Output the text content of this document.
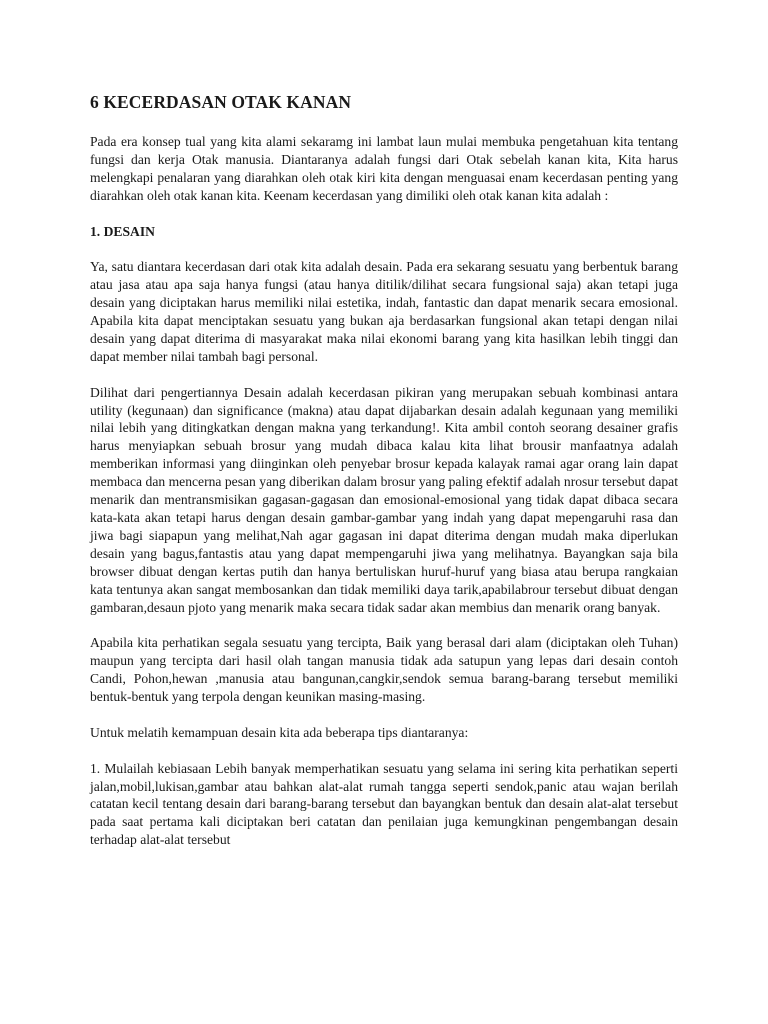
6 KECERDASAN OTAK KANAN

Pada era konsep tual yang kita alami sekaramg ini lambat laun mulai membuka pengetahuan kita tentang fungsi dan kerja Otak manusia. Diantaranya adalah fungsi dari Otak sebelah kanan kita, Kita harus melengkapi penalaran yang diarahkan oleh otak kiri kita dengan menguasai enam kecerdasan penting yang diarahkan oleh otak kanan kita. Keenam kecerdasan yang dimiliki oleh otak kanan kita adalah :

1. DESAIN

Ya, satu diantara kecerdasan dari otak kita adalah desain. Pada era sekarang sesuatu yang berbentuk barang atau jasa atau apa saja hanya fungsi (atau hanya ditilik/dilihat secara fungsional saja) akan tetapi juga desain yang diciptakan harus memiliki nilai estetika, indah, fantastic dan dapat menarik secara emosional. Apabila kita dapat menciptakan sesuatu yang bukan aja berdasarkan fungsional akan tetapi dengan nilai desain yang dapat diterima di masyarakat maka nilai ekonomi barang yang kita hasilkan lebih tinggi dan dapat member nilai tambah bagi personal.

Dilihat dari pengertiannya Desain adalah kecerdasan pikiran yang merupakan sebuah kombinasi antara utility (kegunaan) dan significance (makna) atau dapat dijabarkan desain adalah kegunaan yang memiliki nilai lebih yang ditingkatkan dengan makna yang terkandung!. Kita ambil contoh seorang desainer grafis harus menyiapkan sebuah brosur yang mudah dibaca kalau kita lihat brousir manfaatnya adalah memberikan informasi yang diinginkan oleh penyebar brosur kepada kalayak ramai agar orang lain dapat membaca dan mencerna pesan yang diberikan dalam brosur yang paling efektif adalah nrosur tersebut dapat menarik dan mentransmisikan gagasan-gagasan dan emosional-emosional yang tidak dapat dibaca secara kata-kata akan tetapi harus dengan desain gambar-gambar yang indah yang dapat mepengaruhi rasa dan jiwa bagi siapapun yang melihat,Nah agar gagasan ini dapat diterima dengan mudah maka diperlukan desain yang bagus,fantastis atau yang dapat mempengaruhi jiwa yang melihatnya. Bayangkan saja bila browser dibuat dengan kertas putih dan hanya bertuliskan huruf-huruf yang biasa atau berupa rangkaian kata tentunya akan sangat membosankan dan tidak memiliki daya tarik,apabilabrour tersebut dibuat dengan gambaran,desaun pjoto yang menarik maka secara tidak sadar akan membius dan menarik orang banyak.

Apabila kita perhatikan segala sesuatu yang tercipta, Baik yang berasal dari alam (diciptakan oleh Tuhan) maupun yang tercipta dari hasil olah tangan manusia tidak ada satupun yang lepas dari desain contoh Candi, Pohon,hewan ,manusia atau bangunan,cangkir,sendok semua barang-barang tersebut memiliki bentuk-bentuk yang terpola dengan keunikan masing-masing.

Untuk melatih kemampuan desain kita ada beberapa tips diantaranya:

1. Mulailah kebiasaan Lebih banyak memperhatikan sesuatu yang selama ini sering kita perhatikan seperti jalan,mobil,lukisan,gambar atau bahkan alat-alat rumah tangga seperti sendok,panic atau wajan berilah catatan kecil tentang desain dari barang-barang tersebut dan bayangkan bentuk dan desain alat-alat tersebut pada saat pertama kali diciptakan beri catatan dan penilaian juga kemungkinan pengembangan desain terhadap alat-alat tersebut
